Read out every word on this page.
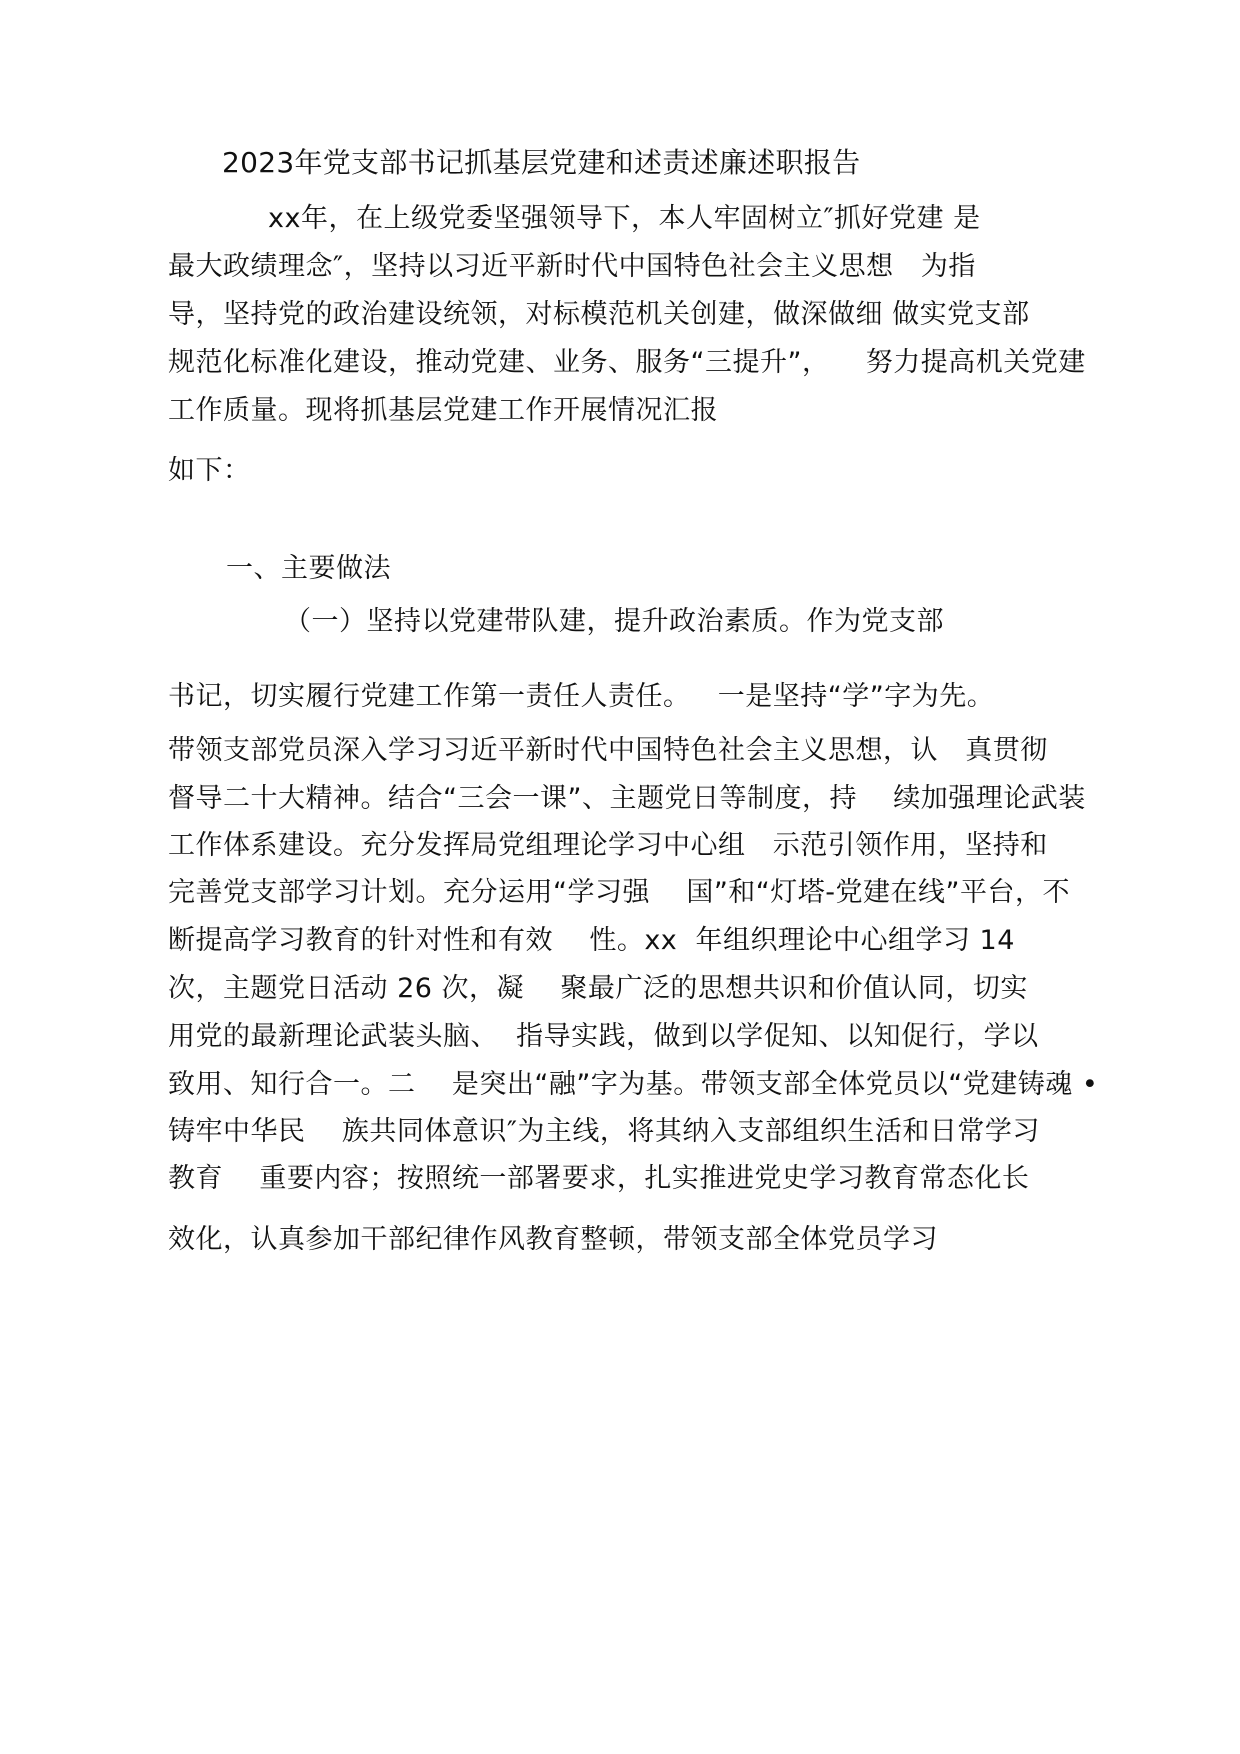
2023年党支部书记抓基层党建和述责述廉述职报告
xx年，在上级党委坚强领导下，本人牢固树立″抓好党建 是
最大政绩理念″，坚持以习近平新时代中国特色社会主义思想   为指
导，坚持党的政治建设统领，对标模范机关创建，做深做细 做实党支部
规范化标准化建设，推动党建、业务、服务“三提升”，    努力提高机关党建
工作质量。现将抓基层党建工作开展情况汇报
如下：
一、主要做法
（一）坚持以党建带队建，提升政治素质。作为党支部
书记，切实履行党建工作第一责任人责任。   一是坚持“学”字为先。
带领支部党员深入学习习近平新时代中国特色社会主义思想，认   真贯彻
督导二十大精神。结合“三会一课”、主题党日等制度，持    续加强理论武装
工作体系建设。充分发挥局党组理论学习中心组   示范引领作用，坚持和
完善党支部学习计划。充分运用“学习强    国”和“灯塔-党建在线”平台，不
断提高学习教育的针对性和有效    性。xx  年组织理论中心组学习 14
次，主题党日活动 26 次，凝    聚最广泛的思想共识和价值认同，切实
用党的最新理论武装头脑、  指导实践，做到以学促知、以知促行，学以
致用、知行合一。二    是突出“融”字为基。带领支部全体党员以“党建铸魂 •
铸牢中华民    族共同体意识″为主线，将其纳入支部组织生活和日常学习
教育    重要内容；按照统一部署要求，扎实推进党史学习教育常态化长
效化，认真参加干部纪律作风教育整顿，带领支部全体党员学习
